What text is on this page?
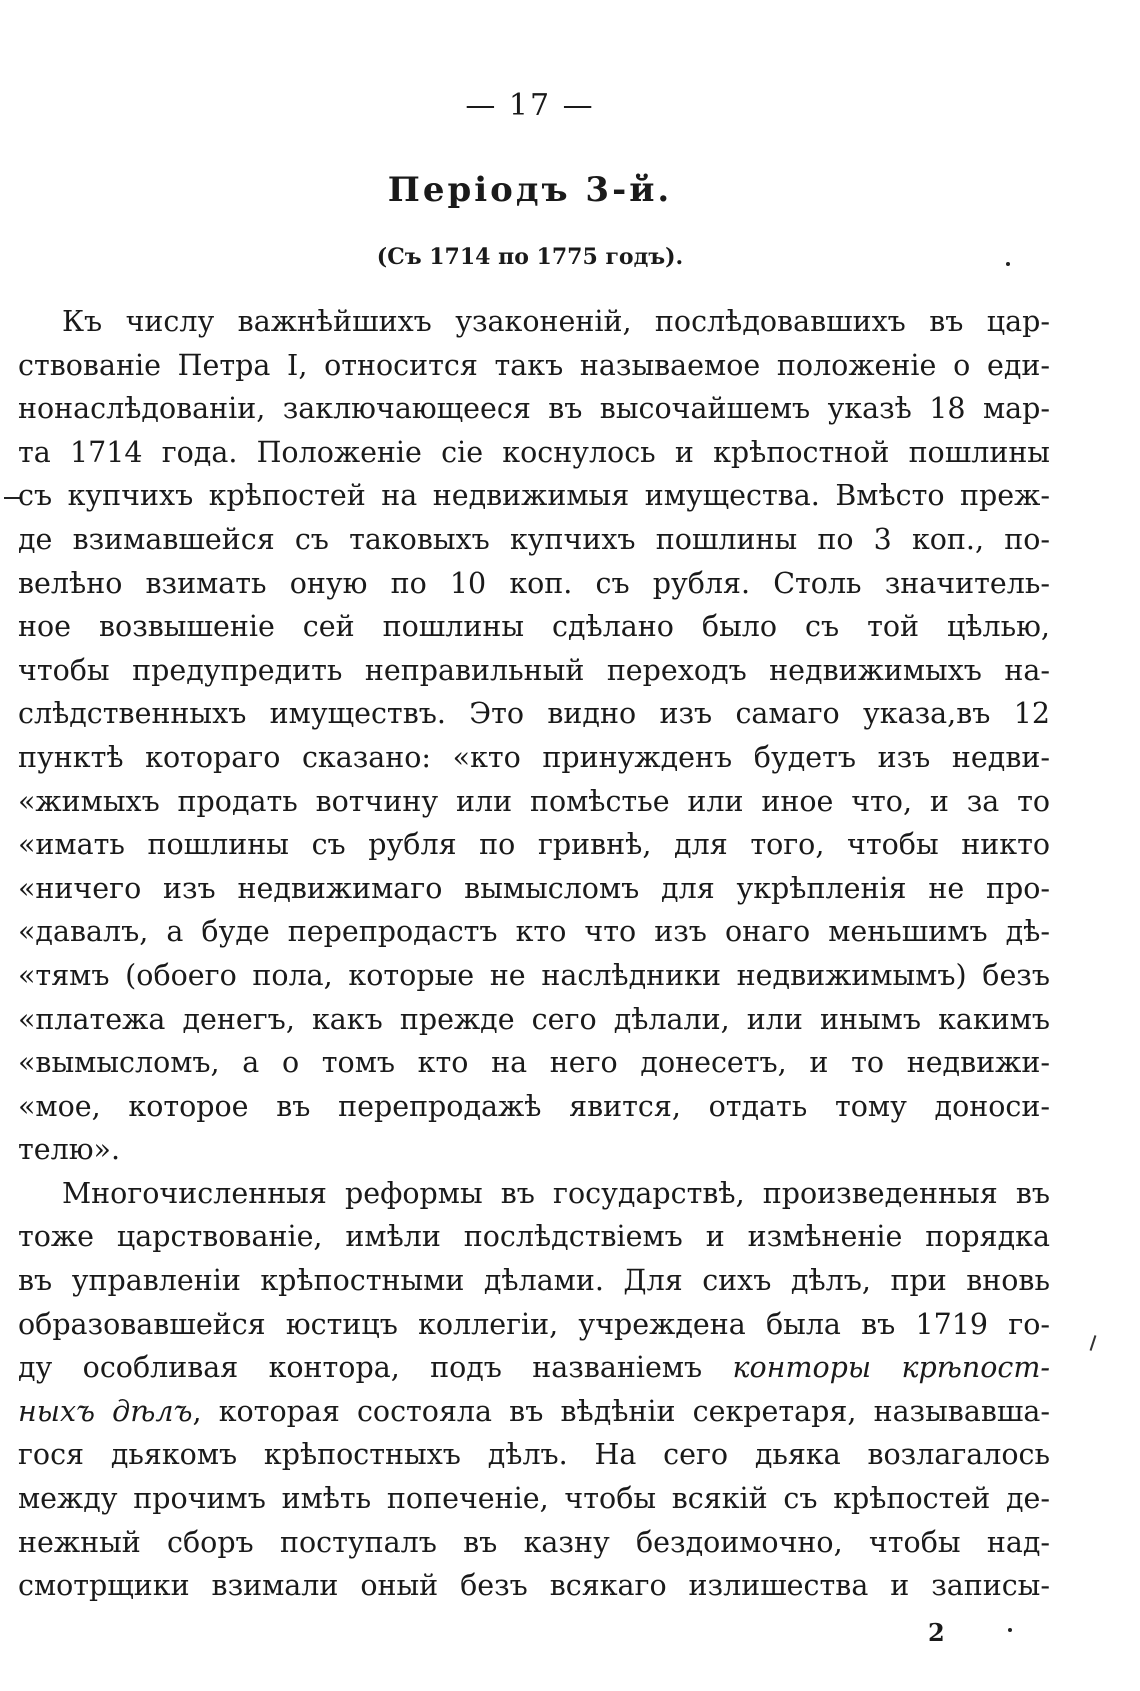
— 17 —
Періодъ 3-й.
(Съ 1714 по 1775 годъ).
Къ числу важнѣйшихъ узаконеній, послѣдовавшихъ въ цар-
ствованіе Петра I, относится такъ называемое положеніе о еди-
нонаслѣдованіи, заключающееся въ высочайшемъ указѣ 18 мар-
та 1714 года. Положеніе сіе коснулось и крѣпостной пошлины
съ купчихъ крѣпостей на недвижимыя имущества. Вмѣсто преж-
де взимавшейся съ таковыхъ купчихъ пошлины по 3 коп., по-
велѣно взимать оную по 10 коп. съ рубля. Столь значитель-
ное возвышеніе сей пошлины сдѣлано было съ той цѣлью,
чтобы предупредить неправильный переходъ недвижимыхъ на-
слѣдственныхъ имуществъ. Это видно изъ самаго указа,въ 12
пунктѣ котораго сказано: «кто принужденъ будетъ изъ недви-
«жимыхъ продать вотчину или помѣстье или иное что, и за то
«имать пошлины съ рубля по гривнѣ, для того, чтобы никто
«ничего изъ недвижимаго вымысломъ для укрѣпленія не про-
«давалъ, а буде перепродастъ кто что изъ онаго меньшимъ дѣ-
«тямъ (обоего пола, которые не наслѣдники недвижимымъ) безъ
«платежа денегъ, какъ прежде сего дѣлали, или инымъ какимъ
«вымысломъ, а о томъ кто на него донесетъ, и то недвижи-
«мое, которое въ перепродажѣ явится, отдать тому доноси-
телю».
Многочисленныя реформы въ государствѣ, произведенныя въ
тоже царствованіе, имѣли послѣдствіемъ и измѣненіе порядка
въ управленіи крѣпостными дѣлами. Для сихъ дѣлъ, при вновь
образовавшейся юстицъ коллегіи, учреждена была въ 1719 го-
ду особливая контора, подъ названіемъ конторы крѣпост-
ныхъ дѣлъ, которая состояла въ вѣдѣніи секретаря, называвша-
гося дьякомъ крѣпостныхъ дѣлъ. На сего дьяка возлагалось
между прочимъ имѣть попеченіе, чтобы всякій съ крѣпостей де-
нежный сборъ поступалъ въ казну бездоимочно, чтобы над-
смотрщики взимали оный безъ всякаго излишества и записы-
2
